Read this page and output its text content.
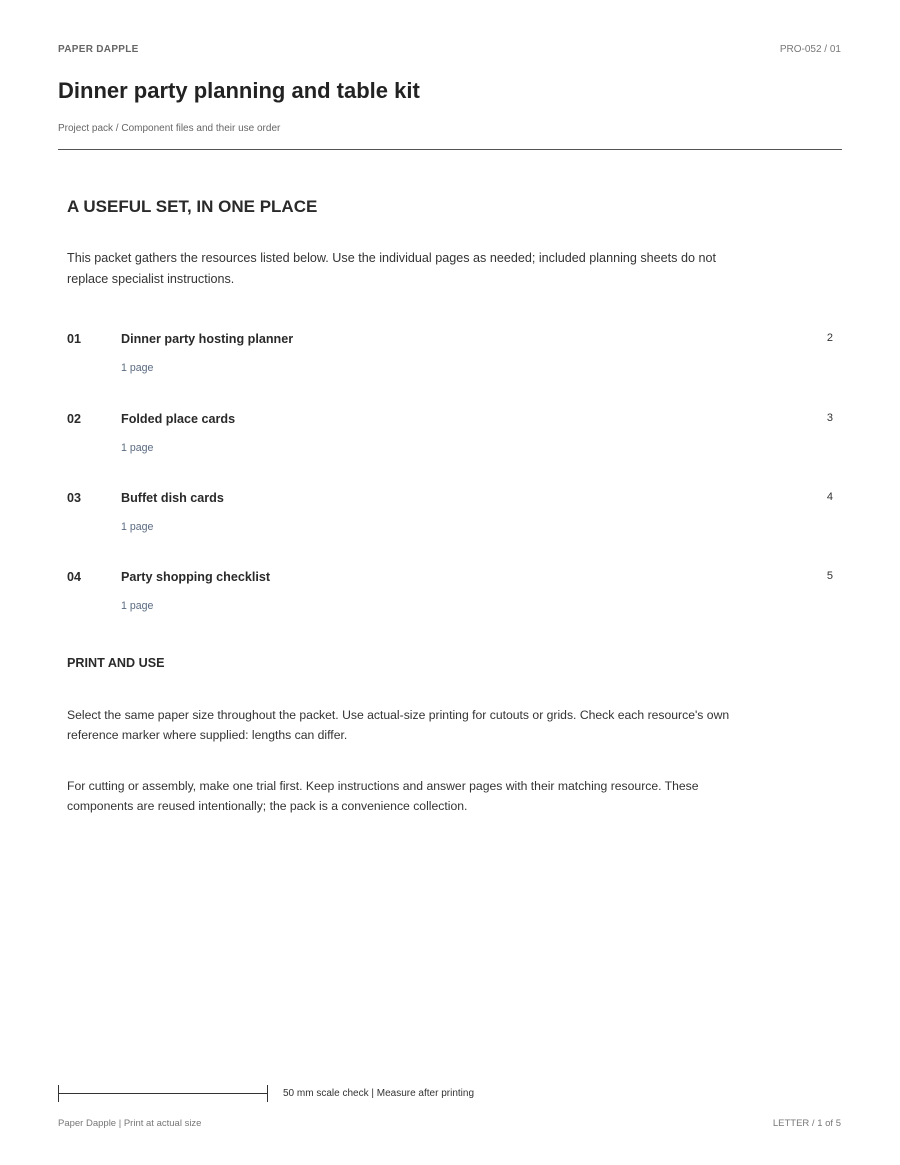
PAPER DAPPLE	PRO-052 / 01
Dinner party planning and table kit
Project pack / Component files and their use order
A USEFUL SET, IN ONE PLACE

This packet gathers the resources listed below. Use the individual pages as needed; included planning sheets do not replace specialist instructions.

01	Dinner party hosting planner	2
1 page
02	Folded place cards	3
1 page
03	Buffet dish cards	4
1 page
04	Party shopping checklist	5
1 page
PRINT AND USE

Select the same paper size throughout the packet. Use actual-size printing for cutouts or grids. Check each resource's own reference marker where supplied: lengths can differ.

For cutting or assembly, make one trial first. Keep instructions and answer pages with their matching resource. These components are reused intentionally; the pack is a convenience collection.

50 mm scale check | Measure after printing
Paper Dapple | Print at actual size	LETTER / 1 of 5
